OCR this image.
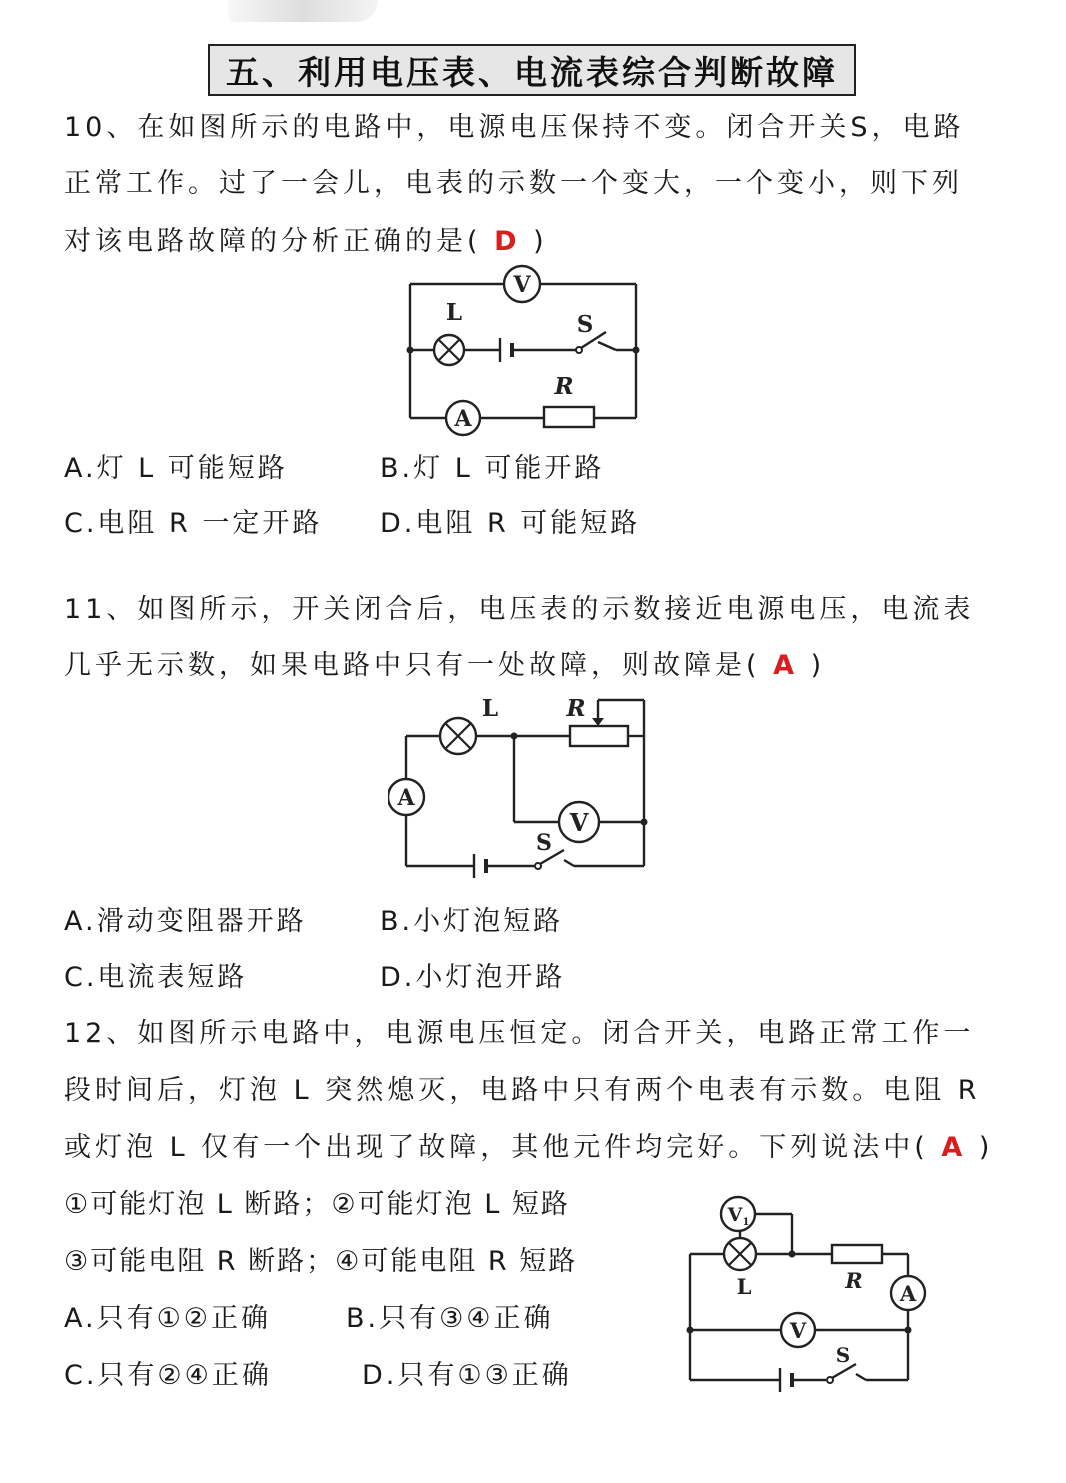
五、利用电压表、电流表综合判断故障
10、在如图所示的电路中，电源电压保持不变。闭合开关S，电路
正常工作。过了一会儿，电表的示数一个变大，一个变小，则下列
对该电路故障的分析正确的是( D )
V
L	S
A
R
A.灯 L 可能短路	B.灯 L 可能开路
C.电阻 R 一定开路 D.电阻 R 可能短路
11、如图所示，开关闭合后，电压表的示数接近电源电压，电流表
几乎无示数，如果电路中只有一处故障，则故障是( A )
L	R
A
V
S
A.滑动变阻器开路	B.小灯泡短路
C.电流表短路	D.小灯泡开路
12、如图所示电路中，电源电压恒定。闭合开关，电路正常工作一
段时间后，灯泡 L 突然熄灭，电路中只有两个电表有示数。电阻 R
或灯泡 L 仅有一个出现了故障，其他元件均完好。下列说法中( A )
①可能灯泡 L 断路；②可能灯泡 L 短路
③可能电阻 R 断路；④可能电阻 R 短路
V 1
L	R
A
V
S
A.只有①②正确	B.只有③④正确
C.只有②④正确	D.只有①③正确
